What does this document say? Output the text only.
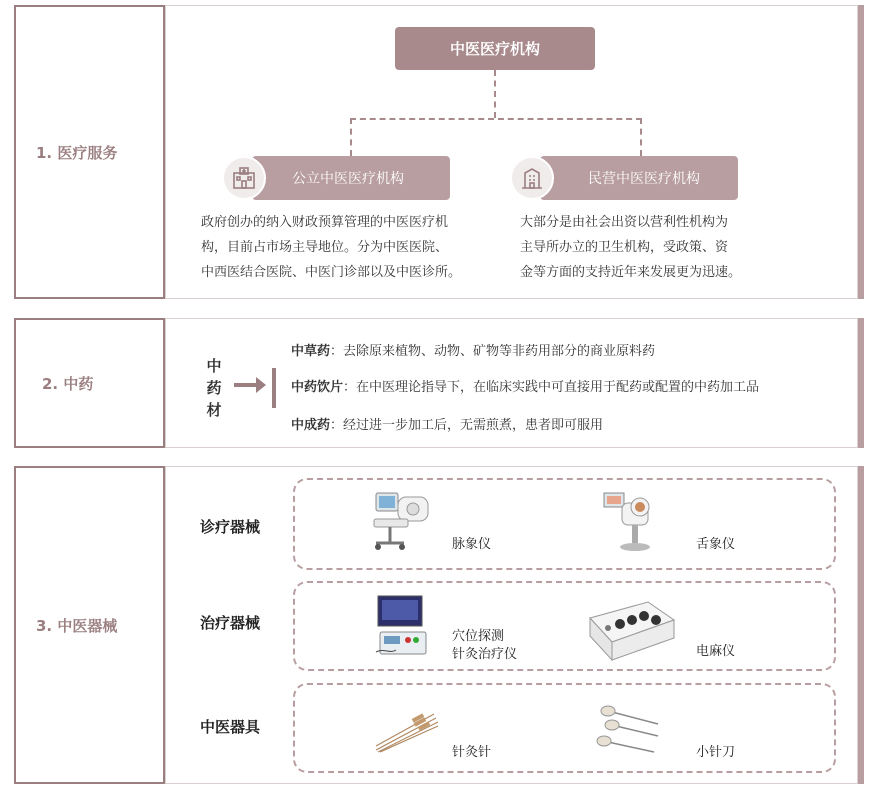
1. 医疗服务
中医医疗机构
公立中医医疗机构
政府创办的纳入财政预算管理的中医医疗机
构，目前占市场主导地位。分为中医医院、
中西医结合医院、中医门诊部以及中医诊所。
民营中医医疗机构
大部分是由社会出资以营利性机构为
主导所办立的卫生机构，受政策、资
金等方面的支持近年来发展更为迅速。
2. 中药
中
药
材
中草药：去除原来植物、动物、矿物等非药用部分的商业原料药
中药饮片：在中医理论指导下，在临床实践中可直接用于配药或配置的中药加工品
中成药：经过进一步加工后，无需煎煮，患者即可服用
3. 中医器械
诊疗器械
脉象仪	舌象仪
治疗器械
穴位探测
针灸治疗仪	电麻仪
中医器具
针灸针	小针刀
